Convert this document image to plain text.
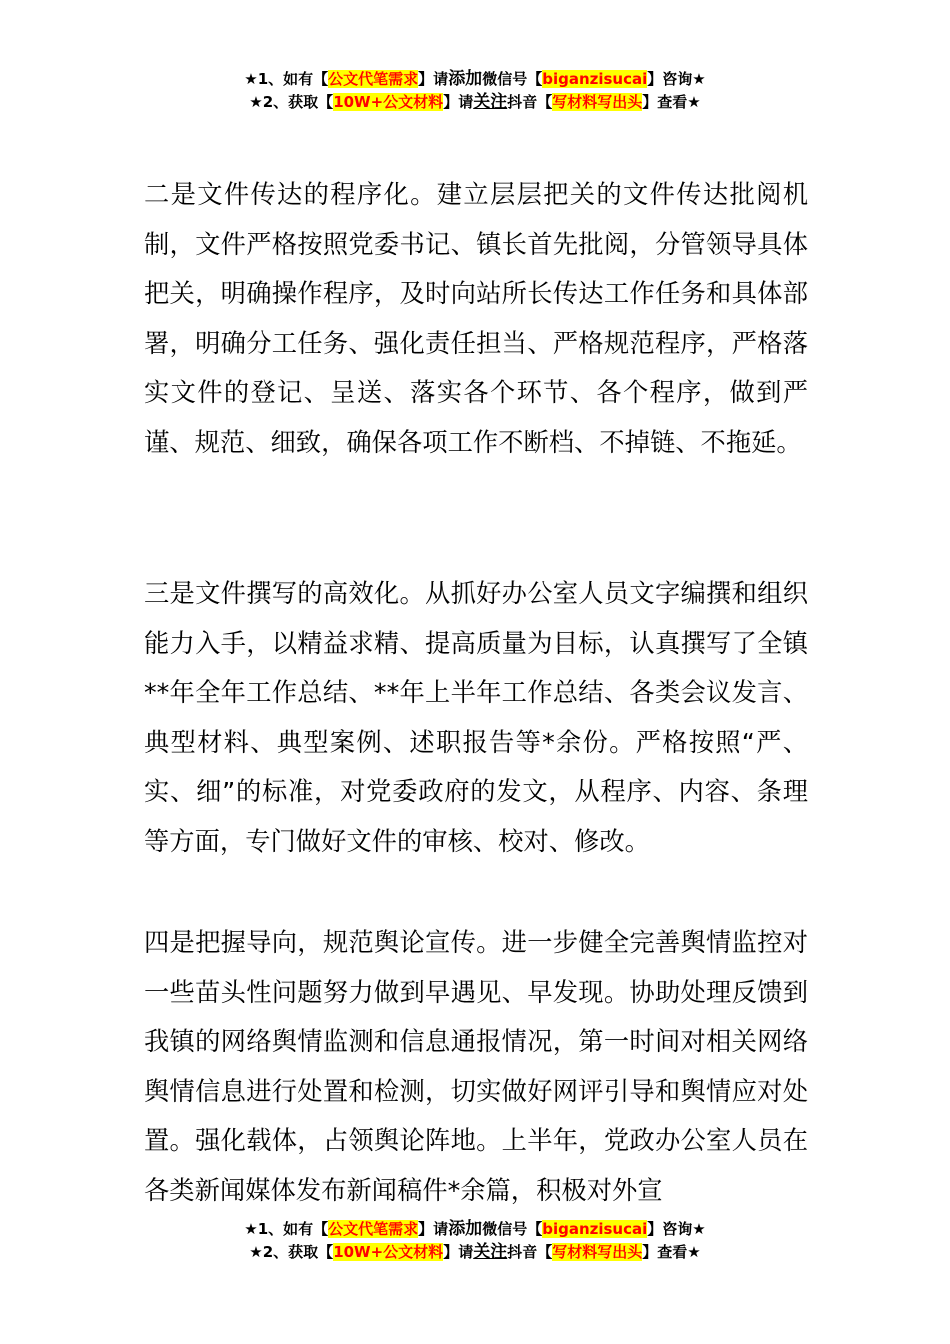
★1、如有【公文代笔需求】请添加微信号【biganzisucai】咨询★
★2、获取【10W+公文材料】请关注抖音【写材料写出头】查看★

二是文件传达的程序化。建立层层把关的文件传达批阅机制，文件严格按照党委书记、镇长首先批阅，分管领导具体把关，明确操作程序，及时向站所长传达工作任务和具体部署，明确分工任务、强化责任担当、严格规范程序，严格落实文件的登记、呈送、落实各个环节、各个程序，做到严谨、规范、细致，确保各项工作不断档、不掉链、不拖延。

三是文件撰写的高效化。从抓好办公室人员文字编撰和组织能力入手，以精益求精、提高质量为目标，认真撰写了全镇**年全年工作总结、**年上半年工作总结、各类会议发言、典型材料、典型案例、述职报告等*余份。严格按照“严、实、细”的标准，对党委政府的发文，从程序、内容、条理等方面，专门做好文件的审核、校对、修改。

四是把握导向，规范舆论宣传。进一步健全完善舆情监控对一些苗头性问题努力做到早遇见、早发现。协助处理反馈到我镇的网络舆情监测和信息通报情况，第一时间对相关网络舆情信息进行处置和检测，切实做好网评引导和舆情应对处置。强化载体，占领舆论阵地。上半年，党政办公室人员在各类新闻媒体发布新闻稿件*余篇，积极对外宣

★1、如有【公文代笔需求】请添加微信号【biganzisucai】咨询★
★2、获取【10W+公文材料】请关注抖音【写材料写出头】查看★
